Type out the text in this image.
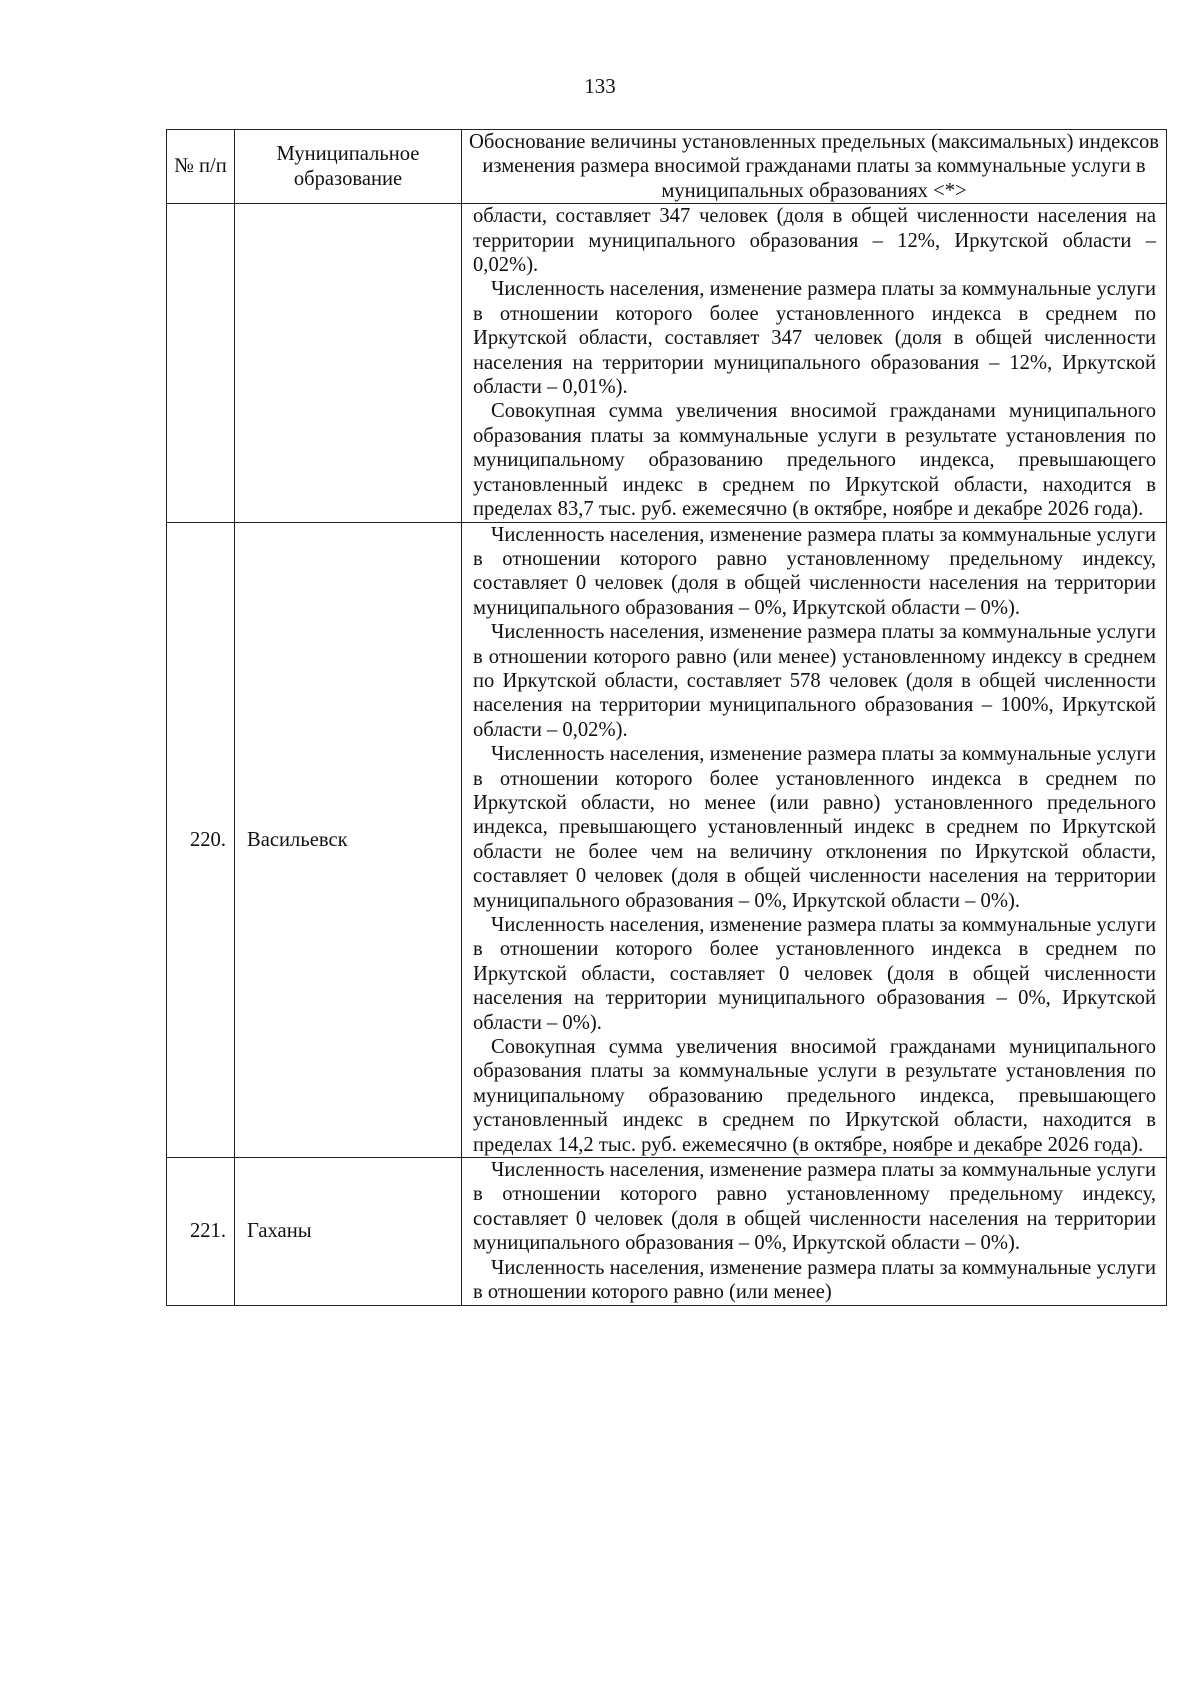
133
№ п/п	Муниципальное образование	Обоснование величины установленных предельных (максимальных) индексов изменения размера вносимой гражданами платы за коммунальные услуги в муниципальных образованиях <*>

		области, составляет 347 человек (доля в общей численности населения на территории муниципального образования – 12%, Иркутской области – 0,02%).

Численность населения, изменение размера платы за коммунальные услуги в отношении которого более установленного индекса в среднем по Иркутской области, составляет 347 человек (доля в общей численности населения на территории муниципального образования – 12%, Иркутской области – 0,01%).

Совокупная сумма увеличения вносимой гражданами муниципального образования платы за коммунальные услуги в результате установления по муниципальному образованию предельного индекса, превышающего установленный индекс в среднем по Иркутской области, находится в пределах 83,7 тыс. руб. ежемесячно (в октябре, ноябре и декабре 2026 года).

220.	Васильевск	Численность населения, изменение размера платы за коммунальные услуги в отношении которого равно установленному предельному индексу, составляет 0 человек (доля в общей численности населения на территории муниципального образования – 0%, Иркутской области – 0%).

Численность населения, изменение размера платы за коммунальные услуги в отношении которого равно (или менее) установленному индексу в среднем по Иркутской области, составляет 578 человек (доля в общей численности населения на территории муниципального образования – 100%, Иркутской области – 0,02%).

Численность населения, изменение размера платы за коммунальные услуги в отношении которого более установленного индекса в среднем по Иркутской области, но менее (или равно) установленного предельного индекса, превышающего установленный индекс в среднем по Иркутской области не более чем на величину отклонения по Иркутской области, составляет 0 человек (доля в общей численности населения на территории муниципального образования – 0%, Иркутской области – 0%).

Численность населения, изменение размера платы за коммунальные услуги в отношении которого более установленного индекса в среднем по Иркутской области, составляет 0 человек (доля в общей численности населения на территории муниципального образования – 0%, Иркутской области – 0%).

Совокупная сумма увеличения вносимой гражданами муниципального образования платы за коммунальные услуги в результате установления по муниципальному образованию предельного индекса, превышающего установленный индекс в среднем по Иркутской области, находится в пределах 14,2 тыс. руб. ежемесячно (в октябре, ноябре и декабре 2026 года).

221.	Гаханы	Численность населения, изменение размера платы за коммунальные услуги в отношении которого равно установленному предельному индексу, составляет 0 человек (доля в общей численности населения на территории муниципального образования – 0%, Иркутской области – 0%).

Численность населения, изменение размера платы за коммунальные услуги в отношении которого равно (или менее)
